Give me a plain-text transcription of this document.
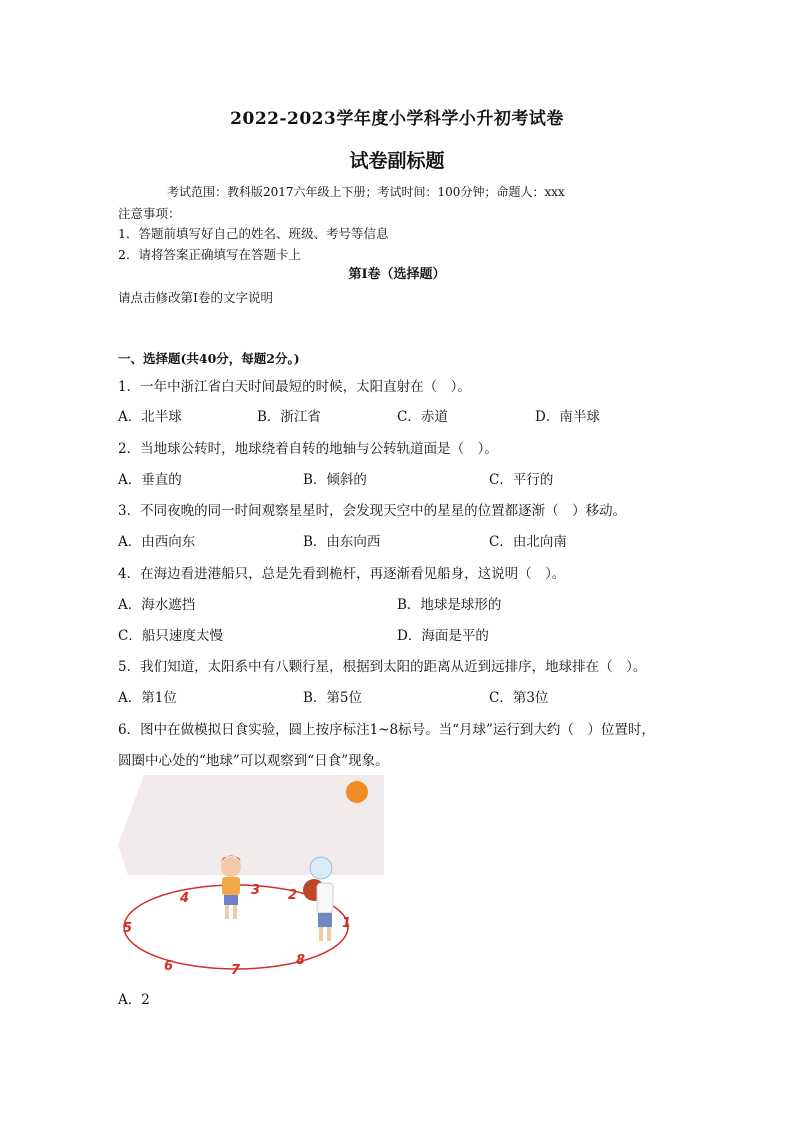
2022-2023学年度小学科学小升初考试卷
试卷副标题
考试范围：教科版2017六年级上下册；考试时间：100分钟；命题人：xxx
注意事项：
1．答题前填写好自己的姓名、班级、考号等信息
2．请将答案正确填写在答题卡上
第I卷（选择题）
请点击修改第I卷的文字说明
一、选择题(共40分，每题2分。)
1．一年中浙江省白天时间最短的时候，太阳直射在（　）。
A．北半球	B．浙江省	C．赤道	D．南半球
2．当地球公转时，地球绕着自转的地轴与公转轨道面是（　）。
A．垂直的	B．倾斜的	C．平行的
3．不同夜晚的同一时间观察星星时，会发现天空中的星星的位置都逐渐（　）移动。
A．由西向东	B．由东向西	C．由北向南
4．在海边看进港船只，总是先看到桅杆，再逐渐看见船身，这说明（　）。
A．海水遮挡	B．地球是球形的
C．船只速度太慢	D．海面是平的
5．我们知道，太阳系中有八颗行星，根据到太阳的距离从近到远排序，地球排在（　）。
A．第1位	B．第5位	C．第3位
6．图中在做模拟日食实验，圆上按序标注1~8标号。当“月球”运行到大约（　）位置时，
圆圈中心处的“地球”可以观察到“日食”现象。
1
2
3
4
5
6	7
8
A．2
